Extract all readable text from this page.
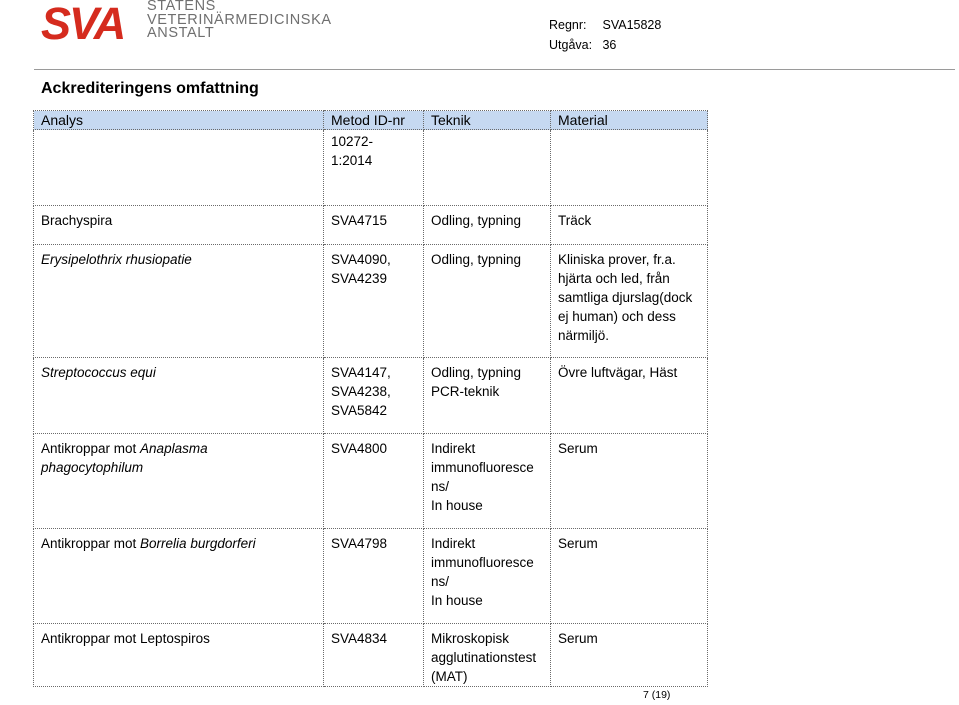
SVA STATENS
VETERINÄRMEDICINSKA
ANSTALT	Regnr: SVA15828
Utgåva: 36
Ackrediteringens omfattning
Analys	Metod ID-nr	Teknik	Material

	10272-
1:2014		

Brachyspira	SVA4715	Odling, typning	Träck

Erysipelothrix rhusiopatie	SVA4090,
SVA4239	Odling, typning	Kliniska prover, fr.a.
hjärta och led, från
samtliga djurslag(dock
ej human) och dess
närmiljö.

Streptococcus equi	SVA4147,
SVA4238,
SVA5842	Odling, typning
PCR-teknik	Övre luftvägar, Häst

Antikroppar mot Anaplasma
phagocytophilum	SVA4800	Indirekt
immunofluoresce
ns/
In house	Serum

Antikroppar mot Borrelia burgdorferi	SVA4798	Indirekt
immunofluoresce
ns/
In house	Serum

Antikroppar mot Leptospiros	SVA4834	Mikroskopisk
agglutinationstest
(MAT)	Serum
7 (19)
